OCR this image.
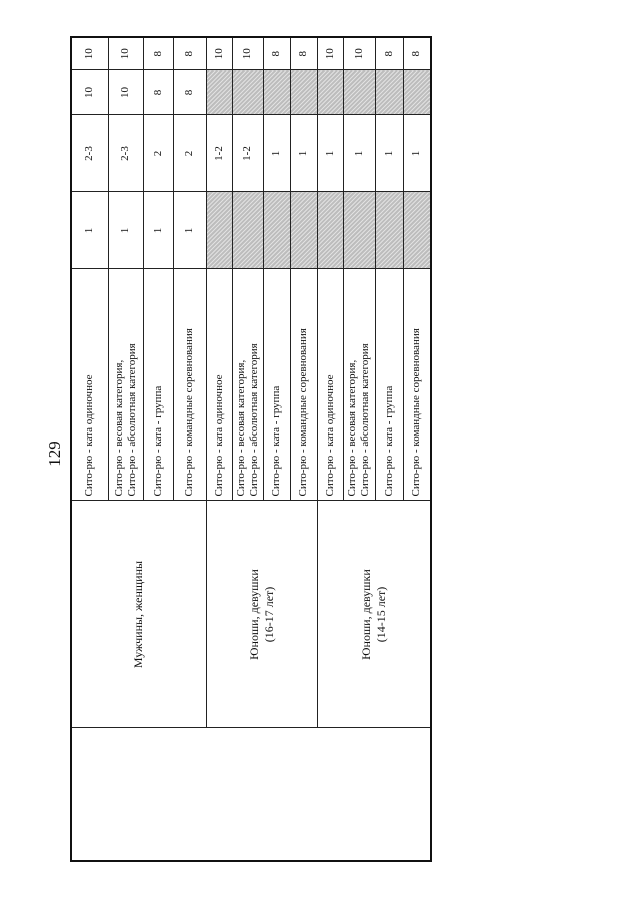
129
	Мужчины, женщины	Сито-рю - ката одиночное	1	2-3	10	10

		Сито-рю - весовая категория, Сито-рю - абсолютная категория	1	2-3	10	10

		Сито-рю - ката - группа	1	2	8	8

		Сито-рю - командные соревнования	1	2	8	8

	Юноши, девушки (16-17 лет)	Сито-рю - ката одиночное		1-2		10

		Сито-рю - весовая категория, Сито-рю - абсолютная категория		1-2		10

		Сито-рю - ката - группа		1		8

		Сито-рю - командные соревнования		1		8

	Юноши, девушки (14-15 лет)	Сито-рю - ката одиночное		1		10

		Сито-рю - весовая категория, Сито-рю - абсолютная категория		1		10

		Сито-рю - ката - группа		1		8

		Сито-рю - командные соревнования		1		8
